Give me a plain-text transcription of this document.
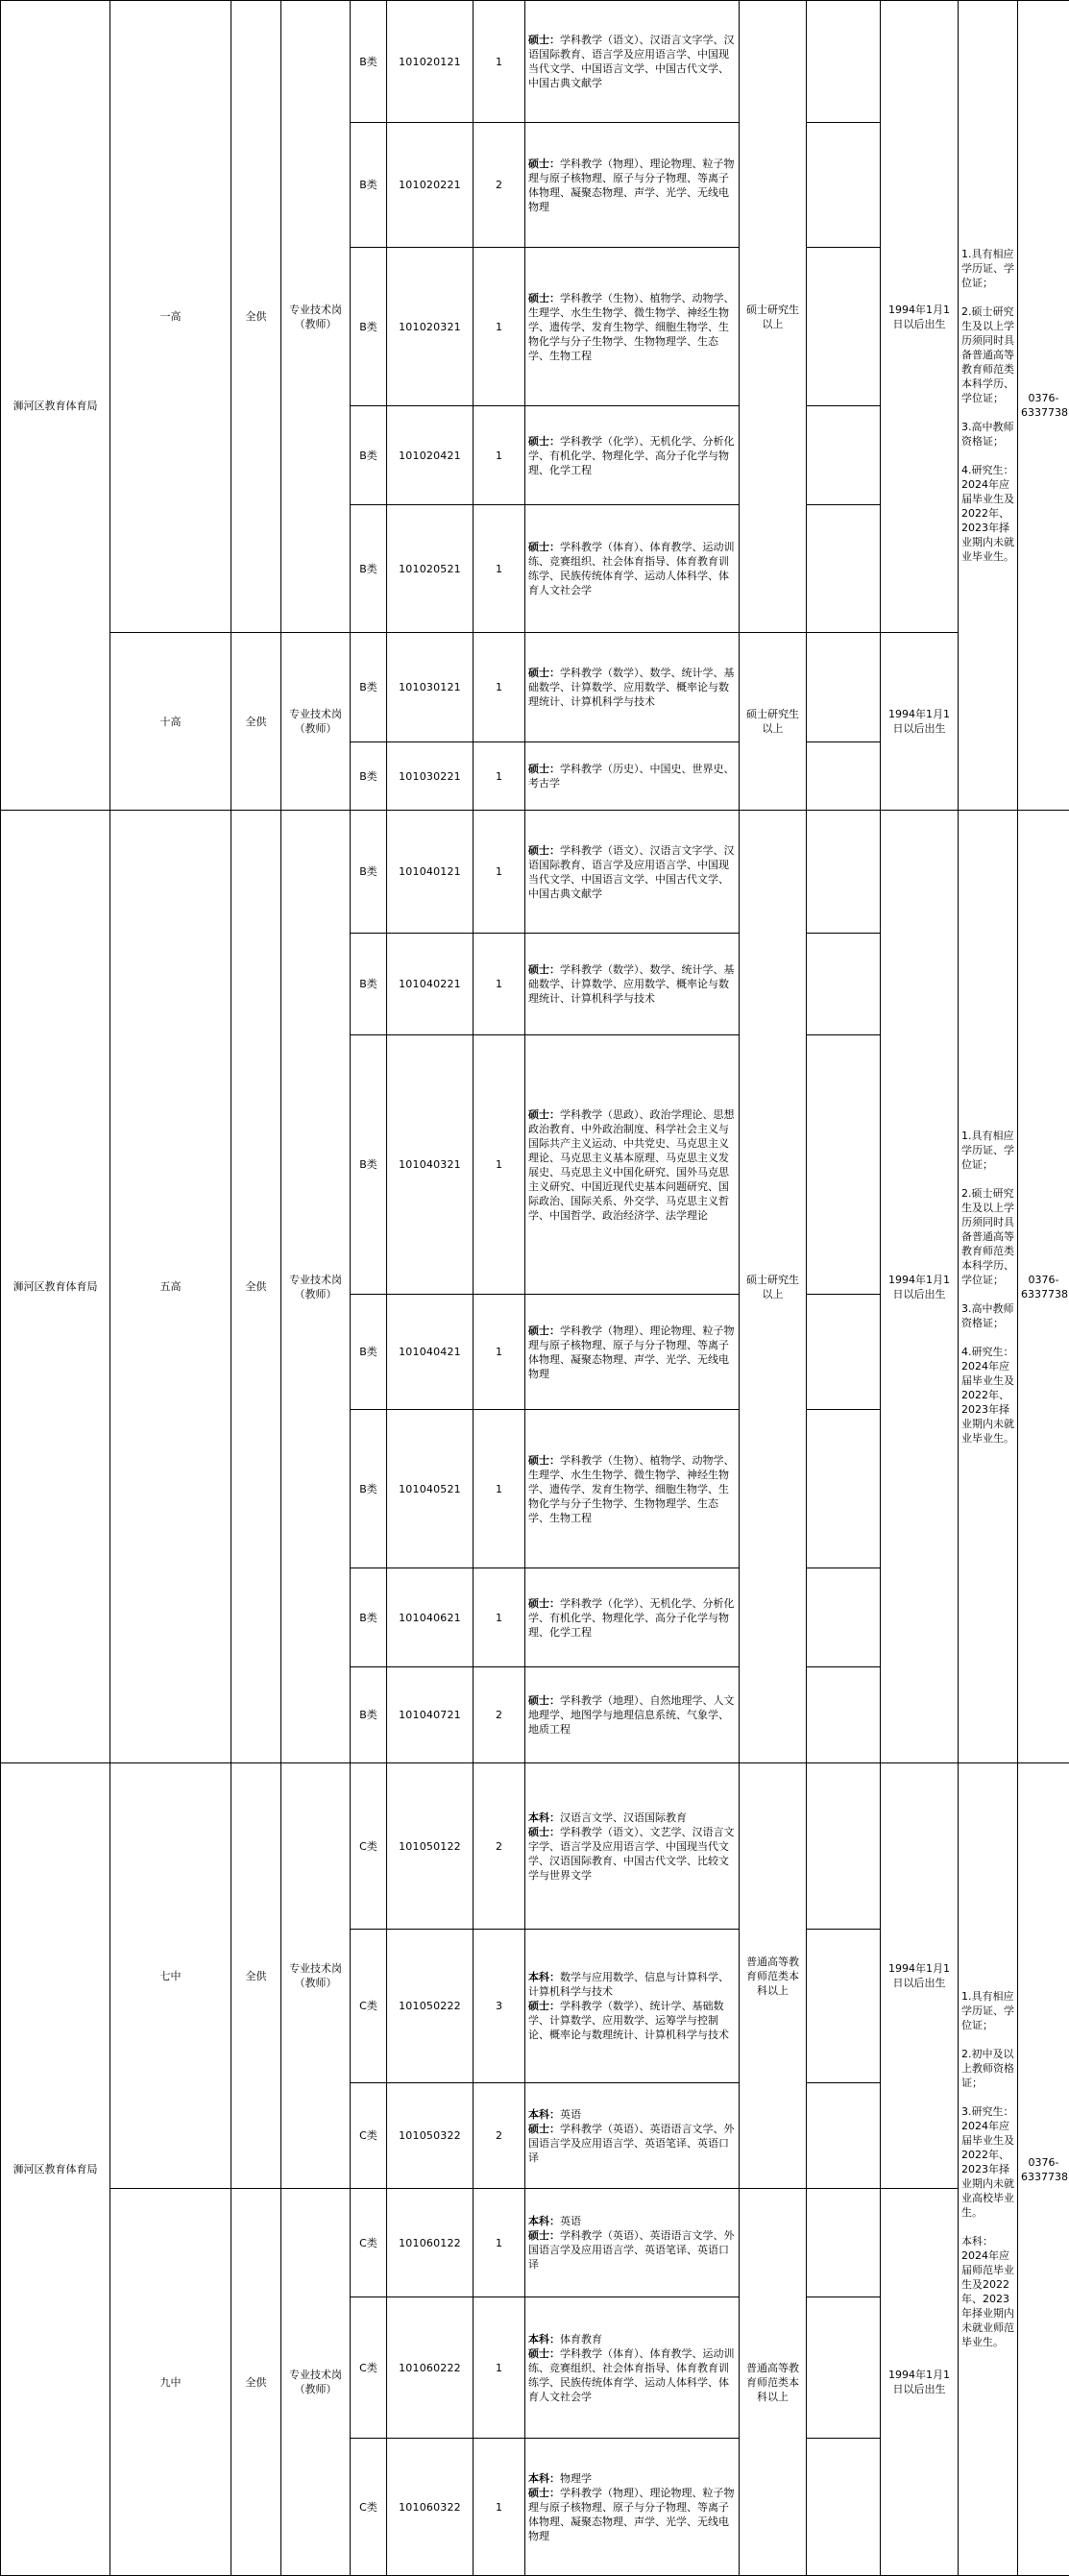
浉河区教育体育局	一高	全供	专业技术岗（教师）	B类	101020121	1	硕士：学科教学（语文）、汉语言文字学、汉语国际教育、语言学及应用语言学、中国现当代文学、中国语言文学、中国古代文学、中国古典文献学	硕士研究生以上		1994年1月1日以后出生	1.具有相应学历证、学位证；

2.硕士研究生及以上学历须同时具备普通高等教育师范类本科学历、学位证；

3.高中教师资格证；

4.研究生：2024年应届毕业生及2022年、2023年择业期内未就业毕业生。	0376-6337738
				B类	101020221	2	硕士：学科教学（物理）、理论物理、粒子物理与原子核物理、原子与分子物理、等离子体物理、凝聚态物理、声学、光学、无线电物理					
				B类	101020321	1	硕士：学科教学（生物）、植物学、动物学、生理学、水生生物学、微生物学、神经生物学、遗传学、发育生物学、细胞生物学、生物化学与分子生物学、生物物理学、生态学、生物工程					
				B类	101020421	1	硕士：学科教学（化学）、无机化学、分析化学、有机化学、物理化学、高分子化学与物理、化学工程					
				B类	101020521	1	硕士：学科教学（体育）、体育教学、运动训练、竞赛组织、社会体育指导、体育教育训练学、民族传统体育学、运动人体科学、体育人文社会学					
	十高	全供	专业技术岗（教师）	B类	101030121	1	硕士：学科教学（数学）、数学、统计学、基础数学、计算数学、应用数学、概率论与数理统计、计算机科学与技术	硕士研究生以上		1994年1月1日以后出生		
				B类	101030221	1	硕士：学科教学（历史）、中国史、世界史、考古学					
浉河区教育体育局	五高	全供	专业技术岗（教师）	B类	101040121	1	硕士：学科教学（语文）、汉语言文字学、汉语国际教育、语言学及应用语言学、中国现当代文学、中国语言文学、中国古代文学、中国古典文献学	硕士研究生以上		1994年1月1日以后出生	1.具有相应学历证、学位证；

2.硕士研究生及以上学历须同时具备普通高等教育师范类本科学历、学位证；

3.高中教师资格证；

4.研究生：2024年应届毕业生及2022年、2023年择业期内未就业毕业生。	0376-6337738
				B类	101040221	1	硕士：学科教学（数学）、数学、统计学、基础数学、计算数学、应用数学、概率论与数理统计、计算机科学与技术					
				B类	101040321	1	硕士：学科教学（思政）、政治学理论、思想政治教育、中外政治制度、科学社会主义与国际共产主义运动、中共党史、马克思主义理论、马克思主义基本原理、马克思主义发展史、马克思主义中国化研究、国外马克思主义研究、中国近现代史基本问题研究、国际政治、国际关系、外交学、马克思主义哲学、中国哲学、政治经济学、法学理论					
				B类	101040421	1	硕士：学科教学（物理）、理论物理、粒子物理与原子核物理、原子与分子物理、等离子体物理、凝聚态物理、声学、光学、无线电物理					
				B类	101040521	1	硕士：学科教学（生物）、植物学、动物学、生理学、水生生物学、微生物学、神经生物学、遗传学、发育生物学、细胞生物学、生物化学与分子生物学、生物物理学、生态学、生物工程					
				B类	101040621	1	硕士：学科教学（化学）、无机化学、分析化学、有机化学、物理化学、高分子化学与物理、化学工程					
				B类	101040721	2	硕士：学科教学（地理）、自然地理学、人文地理学、地图学与地理信息系统、气象学、地质工程					
浉河区教育体育局	七中	全供	专业技术岗（教师）	C类	101050122	2	本科：汉语言文学、汉语国际教育
硕士：学科教学（语文）、文艺学、汉语言文字学、语言学及应用语言学、中国现当代文学、汉语国际教育、中国古代文学、比较文学与世界文学	普通高等教育师范类本科以上		1994年1月1日以后出生	1.具有相应学历证、学位证；

2.初中及以上教师资格证；

3.研究生：2024年应届毕业生及2022年、2023年择业期内未就业高校毕业生。

本科：2024年应届师范毕业生及2022年、2023年择业期内未就业师范毕业生。	0376-6337738
				C类	101050222	3	本科：数学与应用数学、信息与计算科学、计算机科学与技术
硕士：学科教学（数学）、统计学、基础数学、计算数学、应用数学、运筹学与控制论、概率论与数理统计、计算机科学与技术					
				C类	101050322	2	本科：英语
硕士：学科教学（英语）、英语语言文学、外国语言学及应用语言学、英语笔译、英语口译					
	九中	全供	专业技术岗（教师）	C类	101060122	1	本科：英语
硕士：学科教学（英语）、英语语言文学、外国语言学及应用语言学、英语笔译、英语口译	普通高等教育师范类本科以上		1994年1月1日以后出生		
				C类	101060222	1	本科：体育教育
硕士：学科教学（体育）、体育教学、运动训练、竞赛组织、社会体育指导、体育教育训练学、民族传统体育学、运动人体科学、体育人文社会学					
				C类	101060322	1	本科：物理学
硕士：学科教学（物理）、理论物理、粒子物理与原子核物理、原子与分子物理、等离子体物理、凝聚态物理、声学、光学、无线电物理					
